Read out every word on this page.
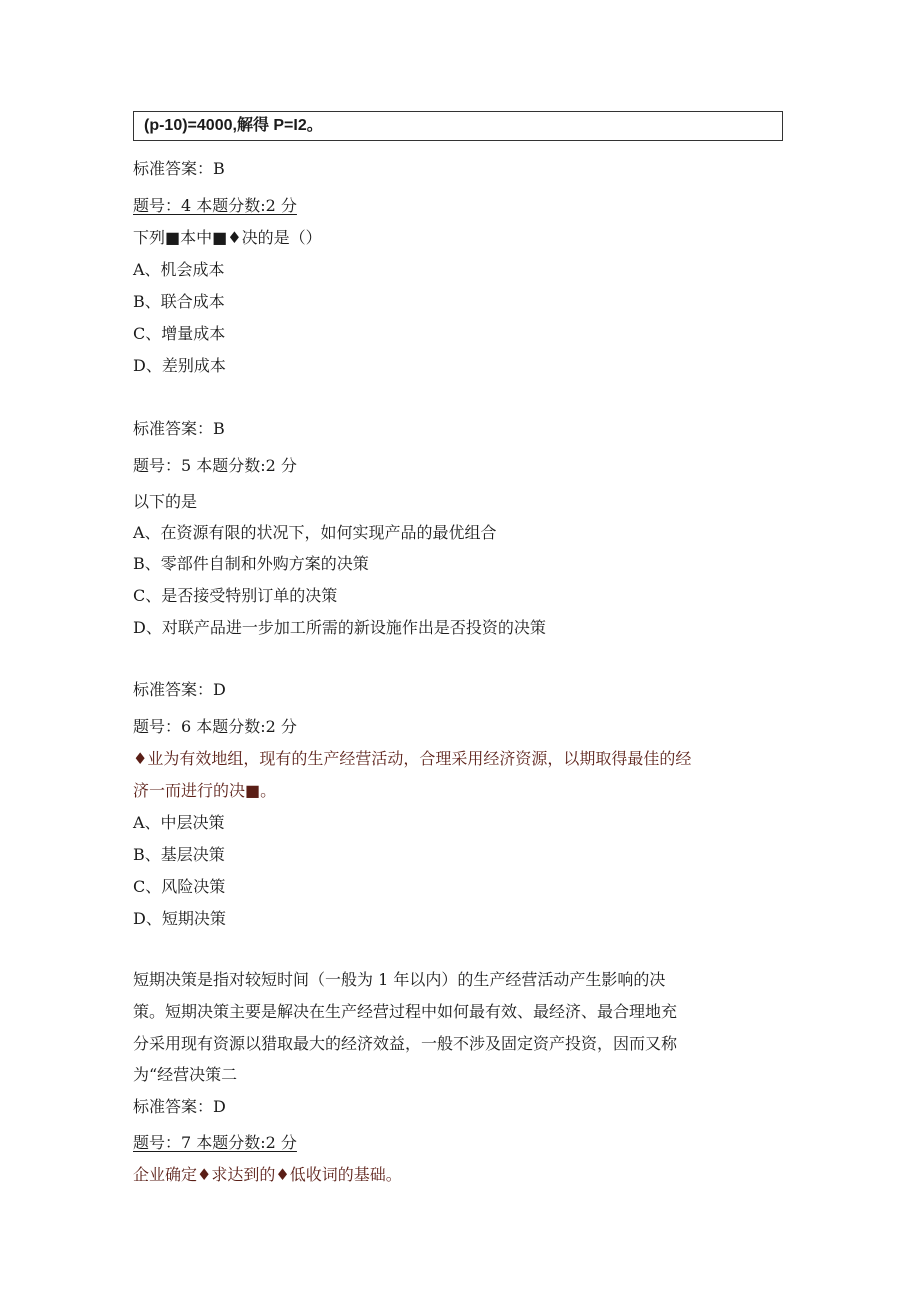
(p-10)=4000,解得 P=I2。
标准答案：B
题号：4 本题分数:2 分
下列■本中■♦决的是（）
A、机会成本
B、联合成本
C、增量成本
D、差别成本
标准答案：B
题号：5 本题分数:2 分
以下的是
A、在资源有限的状况下，如何实现产品的最优组合
B、零部件自制和外购方案的决策
C、是否接受特别订单的决策
D、对联产品进一步加工所需的新设施作出是否投资的决策
标准答案：D
题号：6 本题分数:2 分
♦业为有效地组，现有的生产经营活动，合理采用经济资源，以期取得最佳的经
济一而进行的决■。
A、中层决策
B、基层决策
C、风险决策
D、短期决策
短期决策是指对较短时间（一般为 1 年以内）的生产经营活动产生影响的决
策。短期决策主要是解决在生产经营过程中如何最有效、最经济、最合理地充
分采用现有资源以猎取最大的经济效益，一般不涉及固定资产投资，因而又称
为“经营决策二
标准答案：D
题号：7 本题分数:2 分
企业确定♦求达到的♦低收词的基础。
